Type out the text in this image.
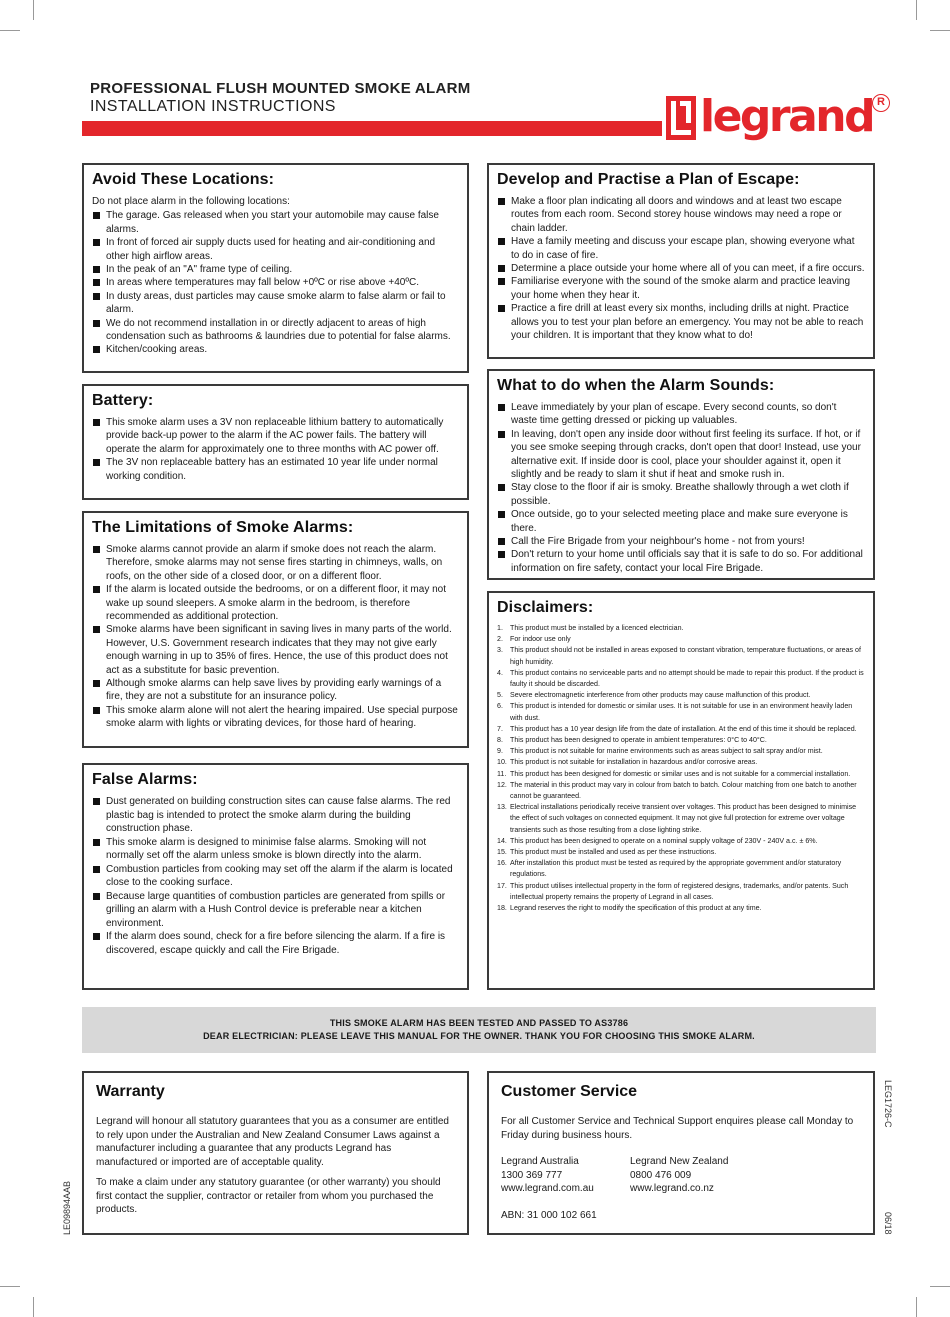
PROFESSIONAL FLUSH MOUNTED SMOKE ALARM
INSTALLATION INSTRUCTIONS	legrand R
Avoid These Locations:

Do not place alarm in the following locations:

The garage. Gas released when you start your automobile may cause false alarms.
In front of forced air supply ducts used for heating and air-conditioning and other high airflow areas.
In the peak of an "A" frame type of ceiling.
In areas where temperatures may fall below +0ºC or rise above +40ºC.
In dusty areas, dust particles may cause smoke alarm to false alarm or fail to alarm.
We do not recommend installation in or directly adjacent to areas of high condensation such as bathrooms & laundries due to potential for false alarms.
Kitchen/cooking areas.
Battery:
This smoke alarm uses a 3V non replaceable lithium battery to automatically provide back-up power to the alarm if the AC power fails. The battery will operate the alarm for approximately one to three months with AC power off.
The 3V non replaceable battery has an estimated 10 year life under normal working condition.
The Limitations of Smoke Alarms:
Smoke alarms cannot provide an alarm if smoke does not reach the alarm. Therefore, smoke alarms may not sense fires starting in chimneys, walls, on roofs, on the other side of a closed door, or on a different floor.
If the alarm is located outside the bedrooms, or on a different floor, it may not wake up sound sleepers. A smoke alarm in the bedroom, is therefore recommended as additional protection.
Smoke alarms have been significant in saving lives in many parts of the world. However, U.S. Government research indicates that they may not give early enough warning in up to 35% of fires. Hence, the use of this product does not act as a substitute for basic prevention.
Although smoke alarms can help save lives by providing early warnings of a fire, they are not a substitute for an insurance policy.
This smoke alarm alone will not alert the hearing impaired. Use special purpose smoke alarm with lights or vibrating devices, for those hard of hearing.
False Alarms:
Dust generated on building construction sites can cause false alarms. The red plastic bag is intended to protect the smoke alarm during the building construction phase.
This smoke alarm is designed to minimise false alarms. Smoking will not normally set off the alarm unless smoke is blown directly into the alarm.
Combustion particles from cooking may set off the alarm if the alarm is located close to the cooking surface.
Because large quantities of combustion particles are generated from spills or grilling an alarm with a Hush Control device is preferable near a kitchen environment.
If the alarm does sound, check for a fire before silencing the alarm. If a fire is discovered, escape quickly and call the Fire Brigade.
Develop and Practise a Plan of Escape:
Make a floor plan indicating all doors and windows and at least two escape routes from each room. Second storey house windows may need a rope or chain ladder.
Have a family meeting and discuss your escape plan, showing everyone what to do in case of fire.
Determine a place outside your home where all of you can meet, if a fire occurs.
Familiarise everyone with the sound of the smoke alarm and practice leaving your home when they hear it.
Practice a fire drill at least every six months, including drills at night. Practice allows you to test your plan before an emergency. You may not be able to reach your children. It is important that they know what to do!
What to do when the Alarm Sounds:
Leave immediately by your plan of escape. Every second counts, so don't waste time getting dressed or picking up valuables.
In leaving, don't open any inside door without first feeling its surface. If hot, or if you see smoke seeping through cracks, don't open that door! Instead, use your alternative exit. If inside door is cool, place your shoulder against it, open it slightly and be ready to slam it shut if heat and smoke rush in.
Stay close to the floor if air is smoky. Breathe shallowly through a wet cloth if possible.
Once outside, go to your selected meeting place and make sure everyone is there.
Call the Fire Brigade from your neighbour's home - not from yours!
Don't return to your home until officials say that it is safe to do so. For additional information on fire safety, contact your local Fire Brigade.
Disclaimers:
1. This product must be installed by a licenced electrician.
2. For indoor use only
3. This product should not be installed in areas exposed to constant vibration, temperature fluctuations, or areas of high humidity.
4. This product contains no serviceable parts and no attempt should be made to repair this product. If the product is faulty it should be discarded.
5. Severe electromagnetic interference from other products may cause malfunction of this product.
6. This product is intended for domestic or similar uses. It is not suitable for use in an environment heavily laden with dust.
7. This product has a 10 year design life from the date of installation. At the end of this time it should be replaced.
8. This product has been designed to operate in ambient temperatures: 0°C to 40°C.
9. This product is not suitable for marine environments such as areas subject to salt spray and/or mist.
10. This product is not suitable for installation in hazardous and/or corrosive areas.
11. This product has been designed for domestic or similar uses and is not suitable for a commercial installation.
12. The material in this product may vary in colour from batch to batch. Colour matching from one batch to another cannot be guaranteed.
13. Electrical installations periodically receive transient over voltages. This product has been designed to minimise the effect of such voltages on connected equipment. It may not give full protection for extreme over voltage transients such as those resulting from a close lighting strike.
14. This product has been designed to operate on a nominal supply voltage of 230V - 240V a.c. ± 6%.
15. This product must be installed and used as per these instructions.
16. After installation this product must be tested as required by the appropriate government and/or staturatory regulations.
17. This product utilises intellectual property in the form of registered designs, trademarks, and/or patents. Such intellectual property remains the property of Legrand in all cases.
18. Legrand reserves the right to modify the specification of this product at any time.
THIS SMOKE ALARM HAS BEEN TESTED AND PASSED TO AS3786
DEAR ELECTRICIAN: PLEASE LEAVE THIS MANUAL FOR THE OWNER. THANK YOU FOR CHOOSING THIS SMOKE ALARM.
Warranty

Legrand will honour all statutory guarantees that you as a consumer are entitled to rely upon under the Australian and New Zealand Consumer Laws against a manufacturer including a guarantee that any products Legrand has manufactured or imported are of acceptable quality.

To make a claim under any statutory guarantee (or other warranty) you should first contact the supplier, contractor or retailer from whom you purchased the products.

Customer Service

For all Customer Service and Technical Support enquires please call Monday to Friday during business hours.

Legrand Australia
1300 369 777
www.legrand.com.au
Legrand New Zealand
0800 476 009
www.legrand.co.nz
ABN: 31 000 102 661
LE09894AAB
LEG1726-C
06/18
